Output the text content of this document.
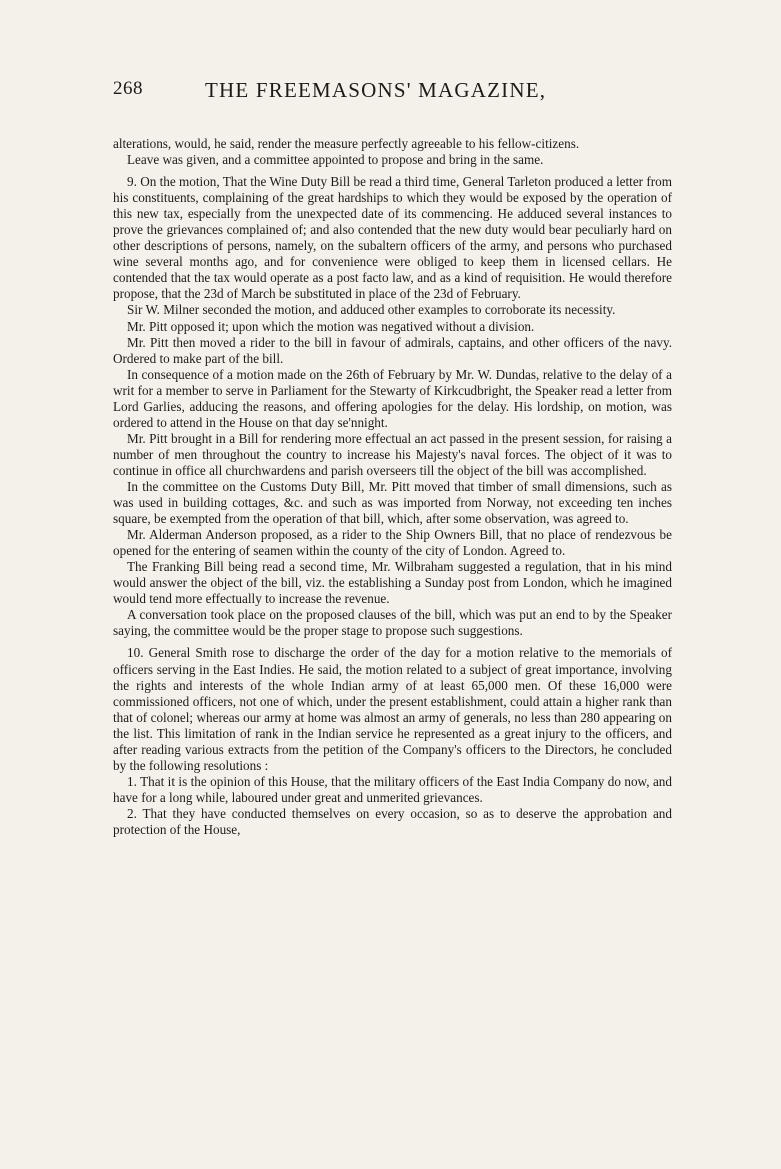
268	THE FREEMASONS' MAGAZINE,

alterations, would, he said, render the measure perfectly agreeable to his fellow-citizens.

Leave was given, and a committee appointed to propose and bring in the same.

9. On the motion, That the Wine Duty Bill be read a third time, General Tarleton produced a letter from his constituents, complaining of the great hardships to which they would be exposed by the operation of this new tax, especially from the unexpected date of its commencing. He adduced several instances to prove the grievances complained of; and also contended that the new duty would bear peculiarly hard on other descriptions of persons, namely, on the subaltern officers of the army, and persons who purchased wine several months ago, and for convenience were obliged to keep them in licensed cellars. He contended that the tax would operate as a post facto law, and as a kind of requisition. He would therefore propose, that the 23d of March be substituted in place of the 23d of February.

Sir W. Milner seconded the motion, and adduced other examples to corroborate its necessity.

Mr. Pitt opposed it; upon which the motion was negatived without a division.

Mr. Pitt then moved a rider to the bill in favour of admirals, captains, and other officers of the navy. Ordered to make part of the bill.

In consequence of a motion made on the 26th of February by Mr. W. Dundas, relative to the delay of a writ for a member to serve in Parliament for the Stewarty of Kirkcudbright, the Speaker read a letter from Lord Garlies, adducing the reasons, and offering apologies for the delay. His lordship, on motion, was ordered to attend in the House on that day se'nnight.

Mr. Pitt brought in a Bill for rendering more effectual an act passed in the present session, for raising a number of men throughout the country to increase his Majesty's naval forces. The object of it was to continue in office all churchwardens and parish overseers till the object of the bill was accomplished.

In the committee on the Customs Duty Bill, Mr. Pitt moved that timber of small dimensions, such as was used in building cottages, &c. and such as was imported from Norway, not exceeding ten inches square, be exempted from the operation of that bill, which, after some observation, was agreed to.

Mr. Alderman Anderson proposed, as a rider to the Ship Owners Bill, that no place of rendezvous be opened for the entering of seamen within the county of the city of London. Agreed to.

The Franking Bill being read a second time, Mr. Wilbraham suggested a regulation, that in his mind would answer the object of the bill, viz. the establishing a Sunday post from London, which he imagined would tend more effectually to increase the revenue.

A conversation took place on the proposed clauses of the bill, which was put an end to by the Speaker saying, the committee would be the proper stage to propose such suggestions.

10. General Smith rose to discharge the order of the day for a motion relative to the memorials of officers serving in the East Indies. He said, the motion related to a subject of great importance, involving the rights and interests of the whole Indian army of at least 65,000 men. Of these 16,000 were commissioned officers, not one of which, under the present establishment, could attain a higher rank than that of colonel; whereas our army at home was almost an army of generals, no less than 280 appearing on the list. This limitation of rank in the Indian service he represented as a great injury to the officers, and after reading various extracts from the petition of the Company's officers to the Directors, he concluded by the following resolutions :

1. That it is the opinion of this House, that the military officers of the East India Company do now, and have for a long while, laboured under great and unmerited grievances.

2. That they have conducted themselves on every occasion, so as to deserve the approbation and protection of the House,
